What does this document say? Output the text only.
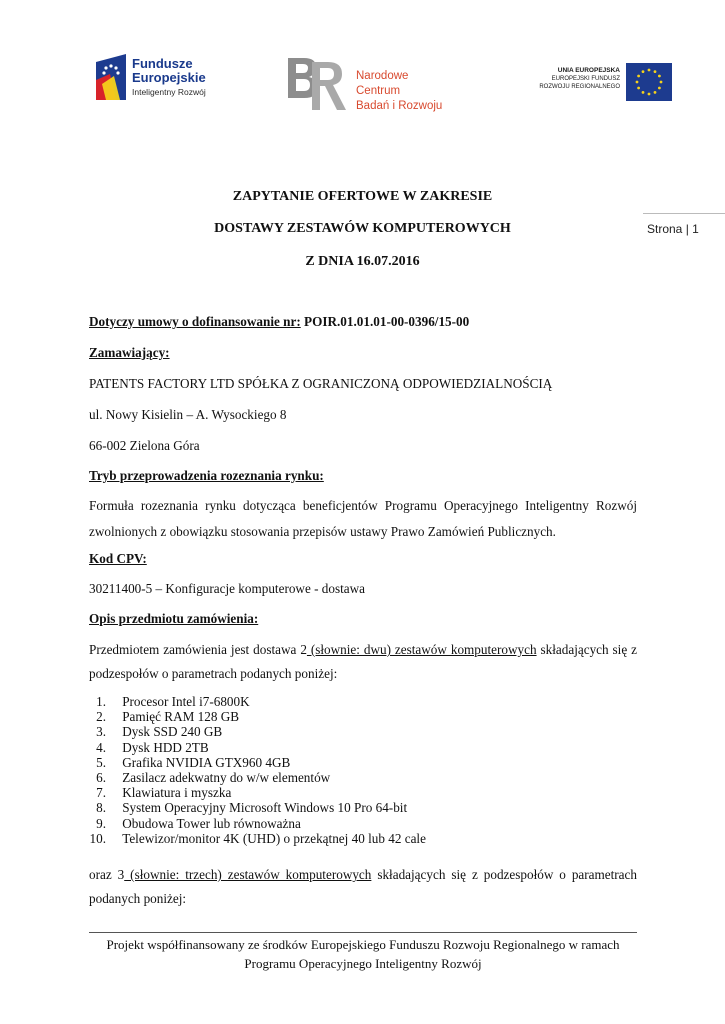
Fundusze
Europejskie
Inteligentny Rozwój
Narodowe Centrum
Badań i Rozwoju
UNIA EUROPEJSKA
EUROPEJSKI FUNDUSZ
ROZWOJU REGIONALNEGO
ZAPYTANIE OFERTOWE W ZAKRESIE
DOSTAWY ZESTAWÓW KOMPUTEROWYCH
Z DNIA 16.07.2016
Strona | 1
Dotyczy umowy o dofinansowanie nr: POIR.01.01.01-00-0396/15-00
Zamawiający:
PATENTS FACTORY LTD SPÓŁKA Z OGRANICZONĄ ODPOWIEDZIALNOŚCIĄ
ul. Nowy Kisielin – A. Wysockiego 8
66-002 Zielona Góra
Tryb przeprowadzenia rozeznania rynku:
Formuła rozeznania rynku dotycząca beneficjentów Programu Operacyjnego Inteligentny Rozwój zwolnionych z obowiązku stosowania przepisów ustawy Prawo Zamówień Publicznych.
Kod CPV:
30211400-5 – Konfiguracje komputerowe - dostawa
Opis przedmiotu zamówienia:
Przedmiotem zamówienia jest dostawa 2 (słownie: dwu) zestawów komputerowych składających się z podzespołów o parametrach podanych poniżej:
1. Procesor Intel i7-6800K
2. Pamięć RAM 128 GB
3. Dysk SSD 240 GB
4. Dysk HDD 2TB
5. Grafika NVIDIA GTX960 4GB
6. Zasilacz adekwatny do w/w elementów
7. Klawiatura i myszka
8. System Operacyjny Microsoft Windows 10 Pro 64-bit
9. Obudowa Tower lub równoważna
10. Telewizor/monitor 4K (UHD) o przekątnej 40 lub 42 cale
oraz 3 (słownie: trzech) zestawów komputerowych składających się z podzespołów o parametrach podanych poniżej:
Projekt współfinansowany ze środków Europejskiego Funduszu Rozwoju Regionalnego w ramach
Programu Operacyjnego Inteligentny Rozwój
